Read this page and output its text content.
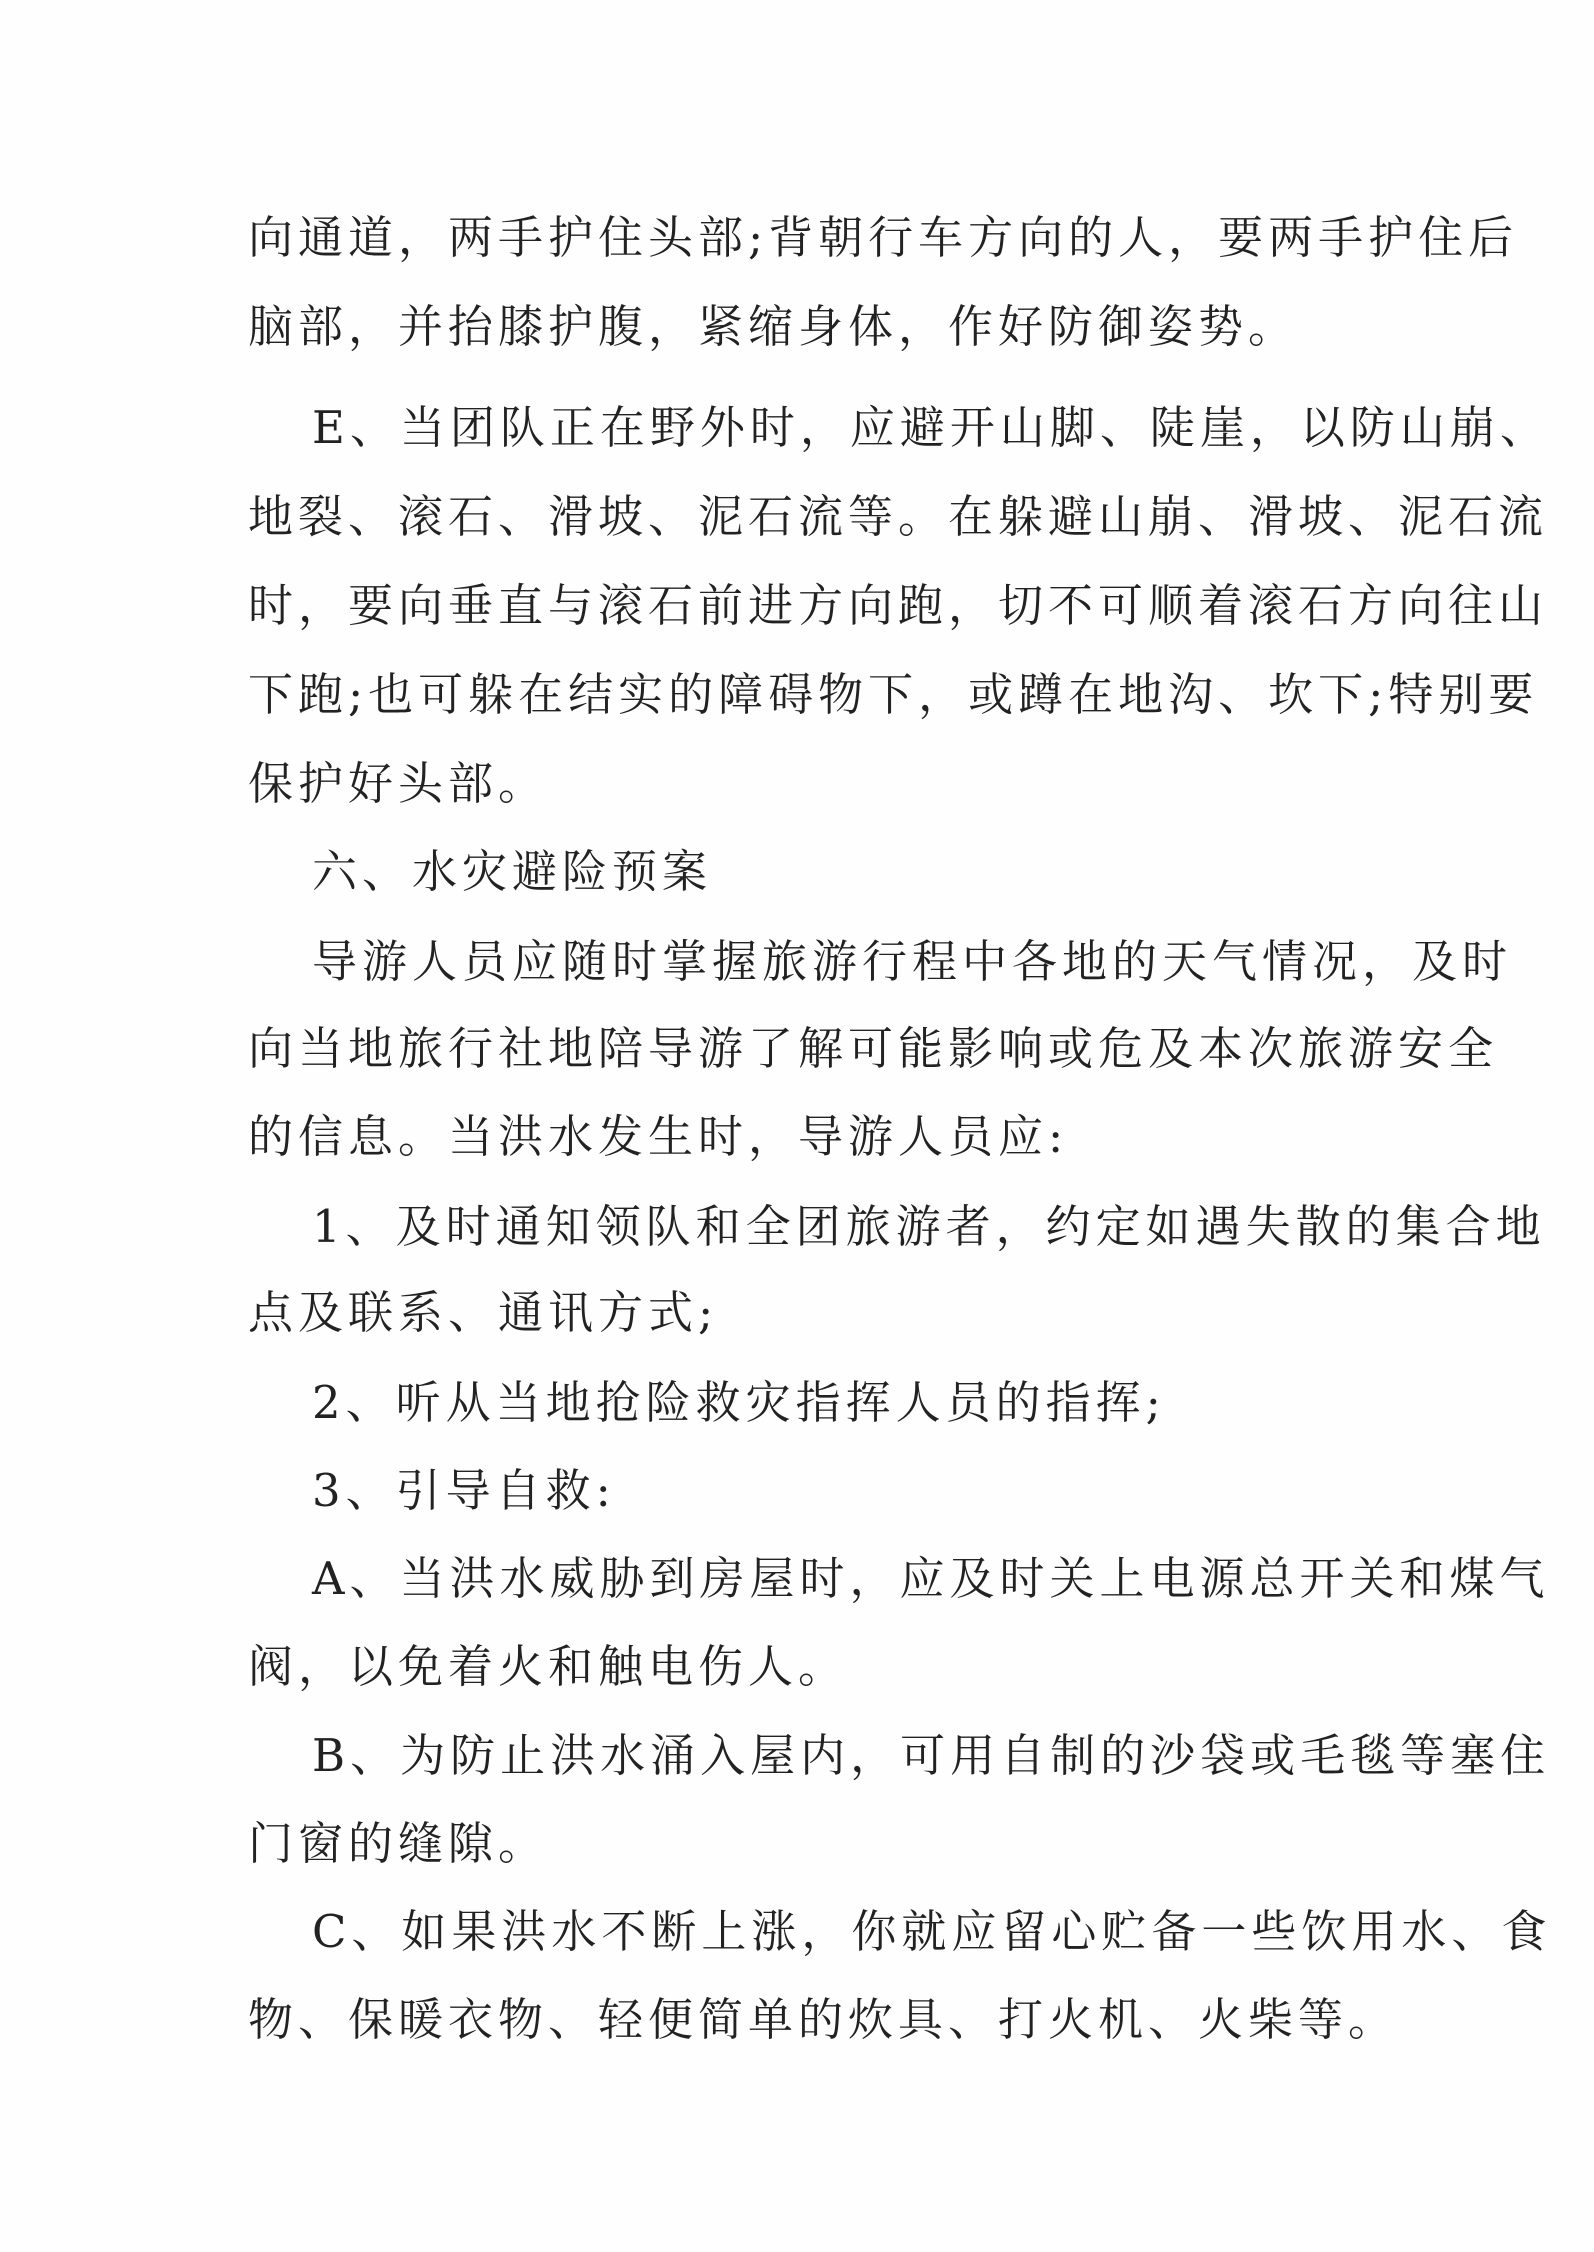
向通道，两手护住头部;背朝行车方向的人，要两手护住后
脑部，并抬膝护腹，紧缩身体，作好防御姿势。
E、当团队正在野外时，应避开山脚、陡崖，以防山崩、
地裂、滚石、滑坡、泥石流等。在躲避山崩、滑坡、泥石流
时，要向垂直与滚石前进方向跑，切不可顺着滚石方向往山
下跑;也可躲在结实的障碍物下，或蹲在地沟、坎下;特别要
保护好头部。
六、水灾避险预案
导游人员应随时掌握旅游行程中各地的天气情况，及时
向当地旅行社地陪导游了解可能影响或危及本次旅游安全
的信息。当洪水发生时，导游人员应:
1、及时通知领队和全团旅游者，约定如遇失散的集合地
点及联系、通讯方式;
2、听从当地抢险救灾指挥人员的指挥;
3、引导自救:
A、当洪水威胁到房屋时，应及时关上电源总开关和煤气
阀，以免着火和触电伤人。
B、为防止洪水涌入屋内，可用自制的沙袋或毛毯等塞住
门窗的缝隙。
C、如果洪水不断上涨，你就应留心贮备一些饮用水、食
物、保暖衣物、轻便简单的炊具、打火机、火柴等。
